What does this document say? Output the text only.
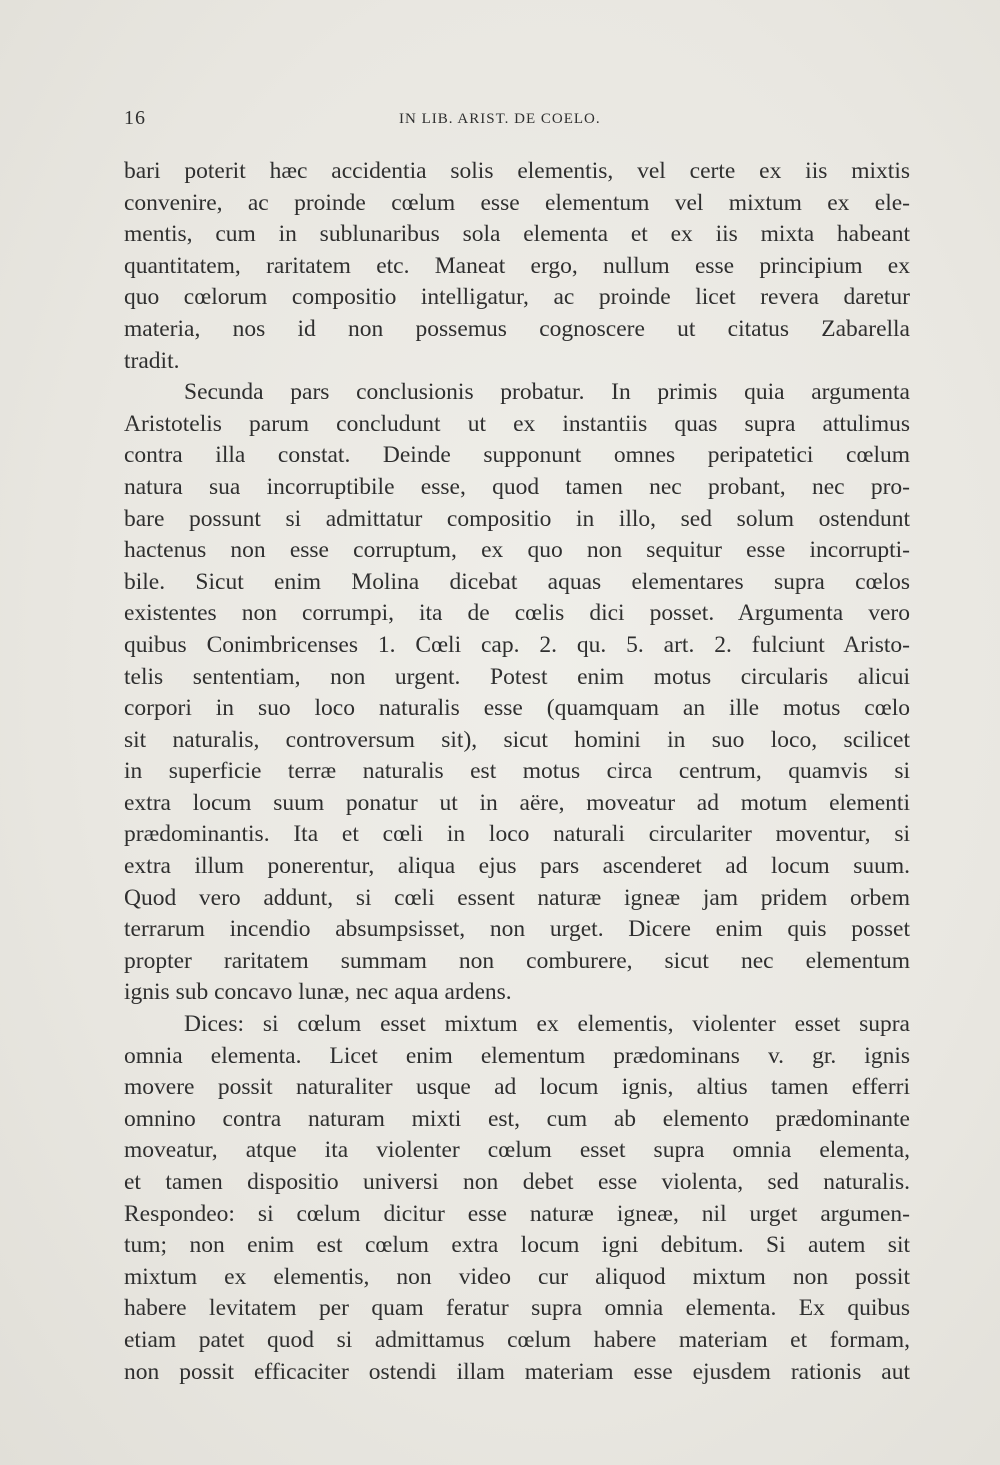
16	IN LIB. ARIST. DE COELO.
bari poterit hæc accidentia solis elementis, vel certe ex iis mixtis
convenire, ac proinde cœlum esse elementum vel mixtum ex ele-
mentis, cum in sublunaribus sola elementa et ex iis mixta habeant
quantitatem, raritatem etc. Maneat ergo, nullum esse principium ex
quo cœlorum compositio intelligatur, ac proinde licet revera daretur
materia, nos id non possemus cognoscere ut citatus Zabarella
tradit.
Secunda pars conclusionis probatur. In primis quia argumenta
Aristotelis parum concludunt ut ex instantiis quas supra attulimus
contra illa constat. Deinde supponunt omnes peripatetici cœlum
natura sua incorruptibile esse, quod tamen nec probant, nec pro-
bare possunt si admittatur compositio in illo, sed solum ostendunt
hactenus non esse corruptum, ex quo non sequitur esse incorrupti-
bile. Sicut enim Molina dicebat aquas elementares supra cœlos
existentes non corrumpi, ita de cœlis dici posset. Argumenta vero
quibus Conimbricenses 1. Cœli cap. 2. qu. 5. art. 2. fulciunt Aristo-
telis sententiam, non urgent. Potest enim motus circularis alicui
corpori in suo loco naturalis esse (quamquam an ille motus cœlo
sit naturalis, controversum sit), sicut homini in suo loco, scilicet
in superficie terræ naturalis est motus circa centrum, quamvis si
extra locum suum ponatur ut in aëre, moveatur ad motum elementi
prædominantis. Ita et cœli in loco naturali circulariter moventur, si
extra illum ponerentur, aliqua ejus pars ascenderet ad locum suum.
Quod vero addunt, si cœli essent naturæ igneæ jam pridem orbem
terrarum incendio absumpsisset, non urget. Dicere enim quis posset
propter raritatem summam non comburere, sicut nec elementum
ignis sub concavo lunæ, nec aqua ardens.
Dices: si cœlum esset mixtum ex elementis, violenter esset supra
omnia elementa. Licet enim elementum prædominans v. gr. ignis
movere possit naturaliter usque ad locum ignis, altius tamen efferri
omnino contra naturam mixti est, cum ab elemento prædominante
moveatur, atque ita violenter cœlum esset supra omnia elementa,
et tamen dispositio universi non debet esse violenta, sed naturalis.
Respondeo: si cœlum dicitur esse naturæ igneæ, nil urget argumen-
tum; non enim est cœlum extra locum igni debitum. Si autem sit
mixtum ex elementis, non video cur aliquod mixtum non possit
habere levitatem per quam feratur supra omnia elementa. Ex quibus
etiam patet quod si admittamus cœlum habere materiam et formam,
non possit efficaciter ostendi illam materiam esse ejusdem rationis aut
